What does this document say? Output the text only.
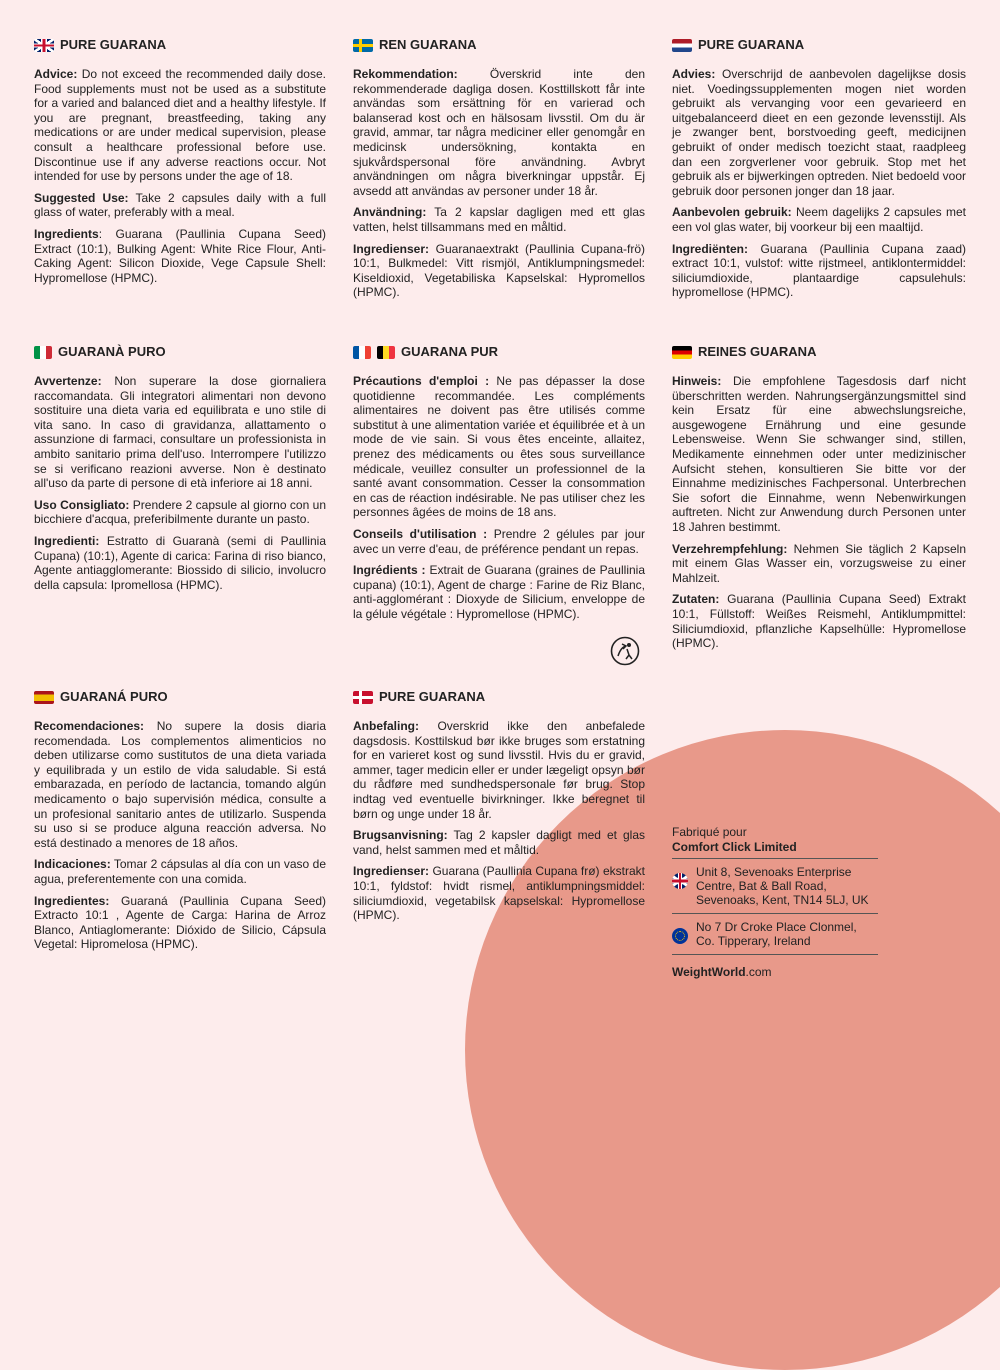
PURE GUARANA

Advice: Do not exceed the recommended daily dose. Food supplements must not be used as a substitute for a varied and balanced diet and a healthy lifestyle. If you are pregnant, breastfeeding, taking any medications or are under medical supervision, please consult a healthcare professional before use. Discontinue use if any adverse reactions occur. Not intended for use by persons under the age of 18.

Suggested Use: Take 2 capsules daily with a full glass of water, preferably with a meal.

Ingredients: Guarana (Paullinia Cupana Seed) Extract (10:1), Bulking Agent: White Rice Flour, Anti-Caking Agent: Silicon Dioxide, Vege Capsule Shell: Hypromellose (HPMC).

REN GUARANA

Rekommendation: Överskrid inte den rekommenderade dagliga dosen. Kosttillskott får inte användas som ersättning för en varierad och balanserad kost och en hälsosam livsstil. Om du är gravid, ammar, tar några mediciner eller genomgår en medicinsk undersökning, kontakta en sjukvårdspersonal före användning. Avbryt användningen om några biverkningar uppstår. Ej avsedd att användas av personer under 18 år.

Användning: Ta 2 kapslar dagligen med ett glas vatten, helst tillsammans med en måltid.

Ingredienser: Guaranaextrakt (Paullinia Cupana-frö) 10:1, Bulkmedel: Vitt rismjöl, Antiklumpningsmedel: Kiseldioxid, Vegetabiliska Kapselskal: Hypromellos (HPMC).

PURE GUARANA

Advies: Overschrijd de aanbevolen dagelijkse dosis niet. Voedingssupplementen mogen niet worden gebruikt als vervanging voor een gevarieerd en uitgebalanceerd dieet en een gezonde levensstijl. Als je zwanger bent, borstvoeding geeft, medicijnen gebruikt of onder medisch toezicht staat, raadpleeg dan een zorgverlener voor gebruik. Stop met het gebruik als er bijwerkingen optreden. Niet bedoeld voor gebruik door personen jonger dan 18 jaar.

Aanbevolen gebruik: Neem dagelijks 2 capsules met een vol glas water, bij voorkeur bij een maaltijd.

Ingrediënten: Guarana (Paullinia Cupana zaad) extract 10:1, vulstof: witte rijstmeel, antiklontermiddel: siliciumdioxide, plantaardige capsulehuls: hypromellose (HPMC).

GUARANÀ PURO

Avvertenze: Non superare la dose giornaliera raccomandata. Gli integratori alimentari non devono sostituire una dieta varia ed equilibrata e uno stile di vita sano. In caso di gravidanza, allattamento o assunzione di farmaci, consultare un professionista in ambito sanitario prima dell'uso. Interrompere l'utilizzo se si verificano reazioni avverse. Non è destinato all'uso da parte di persone di età inferiore ai 18 anni.

Uso Consigliato: Prendere 2 capsule al giorno con un bicchiere d'acqua, preferibilmente durante un pasto.

Ingredienti: Estratto di Guaranà (semi di Paullinia Cupana) (10:1), Agente di carica: Farina di riso bianco, Agente antiagglomerante: Biossido di silicio, involucro della capsula: Ipromellosa (HPMC).

GUARANA PUR

Précautions d'emploi : Ne pas dépasser la dose quotidienne recommandée. Les compléments alimentaires ne doivent pas être utilisés comme substitut à une alimentation variée et équilibrée et à un mode de vie sain. Si vous êtes enceinte, allaitez, prenez des médicaments ou êtes sous surveillance médicale, veuillez consulter un professionnel de la santé avant consommation. Cesser la consommation en cas de réaction indésirable. Ne pas utiliser chez les personnes âgées de moins de 18 ans.

Conseils d'utilisation : Prendre 2 gélules par jour avec un verre d'eau, de préférence pendant un repas.

Ingrédients : Extrait de Guarana (graines de Paullinia cupana) (10:1), Agent de charge : Farine de Riz Blanc, anti-agglomérant : Dioxyde de Silicium, enveloppe de la gélule végétale : Hypromellose (HPMC).

REINES GUARANA

Hinweis: Die empfohlene Tagesdosis darf nicht überschritten werden. Nahrungsergänzungsmittel sind kein Ersatz für eine abwechslungsreiche, ausgewogene Ernährung und eine gesunde Lebensweise. Wenn Sie schwanger sind, stillen, Medikamente einnehmen oder unter medizinischer Aufsicht stehen, konsultieren Sie bitte vor der Einnahme medizinisches Fachpersonal. Unterbrechen Sie sofort die Einnahme, wenn Nebenwirkungen auftreten. Nicht zur Anwendung durch Personen unter 18 Jahren bestimmt.

Verzehrempfehlung: Nehmen Sie täglich 2 Kapseln mit einem Glas Wasser ein, vorzugsweise zu einer Mahlzeit.

Zutaten: Guarana (Paullinia Cupana Seed) Extrakt 10:1, Füllstoff: Weißes Reismehl, Antiklumpmittel: Siliciumdioxid, pflanzliche Kapselhülle: Hypromellose (HPMC).

GUARANÁ PURO

Recomendaciones: No supere la dosis diaria recomendada. Los complementos alimenticios no deben utilizarse como sustitutos de una dieta variada y equilibrada y un estilo de vida saludable. Si está embarazada, en período de lactancia, tomando algún medicamento o bajo supervisión médica, consulte a un profesional sanitario antes de utilizarlo. Suspenda su uso si se produce alguna reacción adversa. No está destinado a menores de 18 años.

Indicaciones: Tomar 2 cápsulas al día con un vaso de agua, preferentemente con una comida.

Ingredientes: Guaraná (Paullinia Cupana Seed) Extracto 10:1 , Agente de Carga: Harina de Arroz Blanco, Antiaglomerante: Dióxido de Silicio, Cápsula Vegetal: Hipromelosa (HPMC).

PURE GUARANA

Anbefaling: Overskrid ikke den anbefalede dagsdosis. Kosttilskud bør ikke bruges som erstatning for en varieret kost og sund livsstil. Hvis du er gravid, ammer, tager medicin eller er under lægeligt opsyn bør du rådføre med sundhedspersonale før brug. Stop indtag ved eventuelle bivirkninger. Ikke beregnet til børn og unge under 18 år.

Brugsanvisning: Tag 2 kapsler dagligt med et glas vand, helst sammen med et måltid.

Ingredienser: Guarana (Paullinia Cupana frø) ekstrakt 10:1, fyldstof: hvidt rismel, antiklumpningsmiddel: siliciumdioxid, vegetabilsk kapselskal: Hypromellose (HPMC).

Fabriqué pour
Comfort Click Limited
Unit 8, Sevenoaks Enterprise Centre, Bat & Ball Road, Sevenoaks, Kent, TN14 5LJ, UK
No 7 Dr Croke Place Clonmel, Co. Tipperary, Ireland
WeightWorld.com
